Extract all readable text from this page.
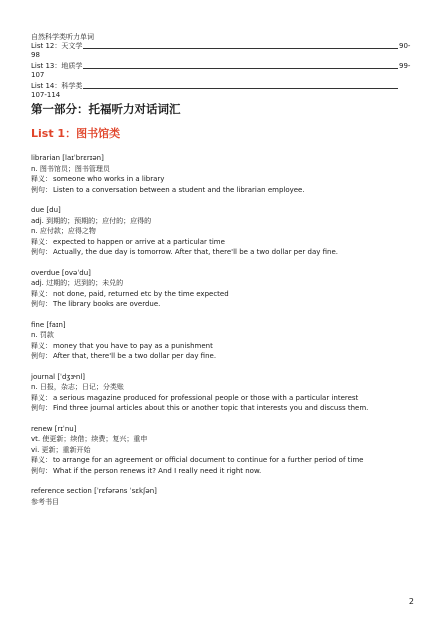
自然科学类听力单词
List 12：天文学	90-
98
List 13：地质学	99-
107
List 14：科学类
107-114
第一部分：托福听力对话词汇
List 1：图书馆类
librarian [laɪˈbrɛrɪən]
n. 图书馆员；图书管理员
释义：someone who works in a library
例句：Listen to a conversation between a student and the librarian employee.
due [du]
adj. 到期的；预期的；应付的；应得的
n. 应付款；应得之物
释义：expected to happen or arrive at a particular time
例句：Actually, the due day is tomorrow. After that, there'll be a two dollar per day fine.
overdue [ovəˈdu]
adj. 过期的；迟到的；未兑的
释义：not done, paid, returned etc by the time expected
例句：The library books are overdue.
fine [faɪn]
n. 罚款
释义：money that you have to pay as a punishment
例句：After that, there'll be a two dollar per day fine.
journal [ˈdʒɝnl]
n. 日报，杂志；日记；分类账
释义：a serious magazine produced for professional people or those with a particular interest
例句：Find three journal articles about this or another topic that interests you and discuss them.
renew [rɪˈnu]
vt. 使更新；续借；续费；复兴；重申
vi. 更新；重新开始
释义：to arrange for an agreement or official document to continue for a further period of time
例句：What if the person renews it? And I really need it right now.
reference section [ˈrɛfərəns ˈsɛkʃən]
参考书目
2
